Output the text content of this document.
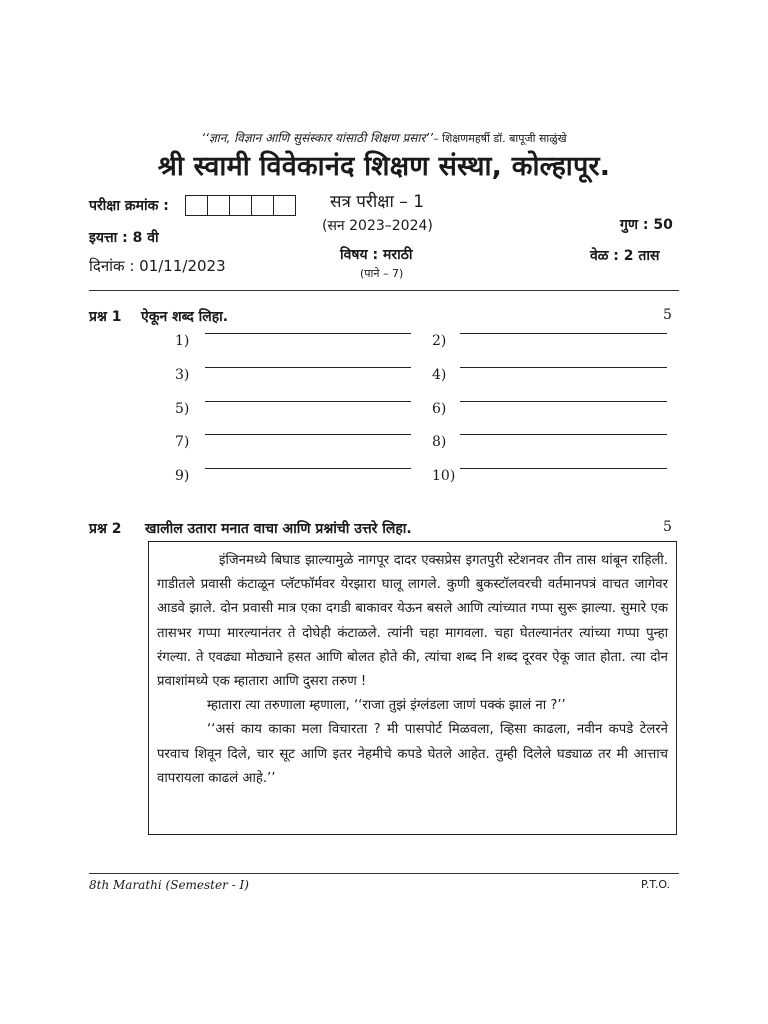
‘‘ज्ञान, विज्ञान आणि सुसंस्कार यांसाठी शिक्षण प्रसार’’– शिक्षणमहर्षी डॉ. बापूजी साळुंखे
श्री स्वामी विवेकानंद शिक्षण संस्था, कोल्हापूर.
परीक्षा क्रमांक :
इयत्ता : 8 वी
दिनांक : 01/11/2023
सत्र परीक्षा – 1
(सन 2023–2024)
विषय : मराठी
(पाने – 7)
गुण : 50
वेळ : 2 तास
प्रश्न 1 ऐकून शब्द लिहा.	5
1)	2)
3)	4)
5)	6)
7)	8)
9)	10)
प्रश्न 2 खालील उतारा मनात वाचा आणि प्रश्नांची उत्तरे लिहा.	5

इंजिनमध्ये बिघाड झाल्यामुळे नागपूर दादर एक्सप्रेस इगतपुरी स्टेशनवर तीन तास थांबून राहिली. गाडीतले प्रवासी कंटाळून प्लॅटफॉर्मवर येरझारा घालू लागले. कुणी बुकस्टॉलवरची वर्तमानपत्रं वाचत जागेवर आडवे झाले. दोन प्रवासी मात्र एका दगडी बाकावर येऊन बसले आणि त्यांच्यात गप्पा सुरू झाल्या. सुमारे एक तासभर गप्पा मारल्यानंतर ते दोघेही कंटाळले. त्यांनी चहा मागवला. चहा घेतल्यानंतर त्यांच्या गप्पा पुन्हा रंगल्या. ते एवढ्या मोठ्याने हसत आणि बोलत होते की, त्यांचा शब्द नि शब्द दूरवर ऐकू जात होता. त्या दोन प्रवाशांमध्ये एक म्हातारा आणि दुसरा तरुण !

म्हातारा त्या तरुणाला म्हणाला, ‘‘राजा तुझं इंग्लंडला जाणं पक्कं झालं ना ?’’

‘‘असं काय काका मला विचारता ? मी पासपोर्ट मिळवला, व्हिसा काढला, नवीन कपडे टेलरने परवाच शिवून दिले, चार सूट आणि इतर नेहमीचे कपडे घेतले आहेत. तुम्ही दिलेले घड्याळ तर मी आत्ताच वापरायला काढलं आहे.’’

8th Marathi (Semester - I)	P.T.O.
